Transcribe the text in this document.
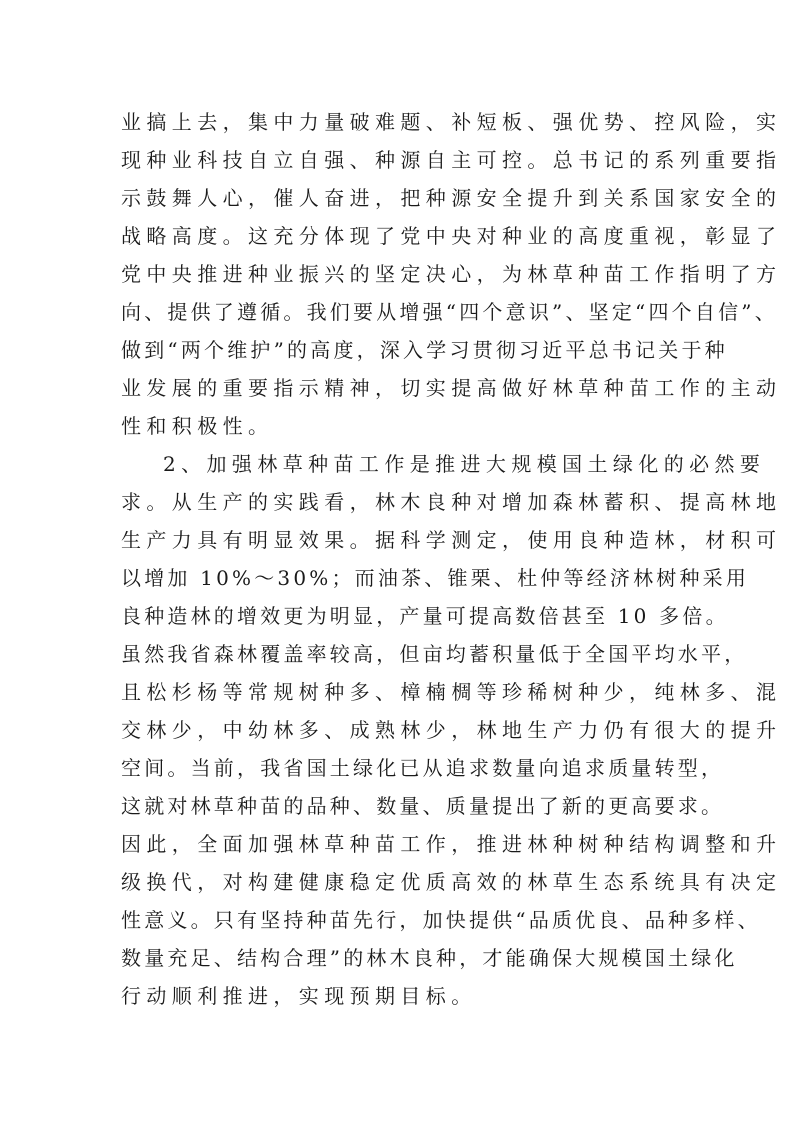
业搞上去，集中力量破难题、补短板、强优势、控风险，实
现种业科技自立自强、种源自主可控。总书记的系列重要指
示鼓舞人心，催人奋进，把种源安全提升到关系国家安全的
战略高度。这充分体现了党中央对种业的高度重视，彰显了
党中央推进种业振兴的坚定决心，为林草种苗工作指明了方
向、提供了遵循。我们要从增强“四个意识”、坚定“四个自信”、
做到“两个维护”的高度，深入学习贯彻习近平总书记关于种
业发展的重要指示精神，切实提高做好林草种苗工作的主动
性和积极性。
2、加强林草种苗工作是推进大规模国土绿化的必然要
求。从生产的实践看，林木良种对增加森林蓄积、提高林地
生产力具有明显效果。据科学测定，使用良种造林，材积可
以增加 10%～30%；而油茶、锥栗、杜仲等经济林树种采用
良种造林的增效更为明显，产量可提高数倍甚至 10 多倍。
虽然我省森林覆盖率较高，但亩均蓄积量低于全国平均水平，
且松杉杨等常规树种多、樟楠椆等珍稀树种少，纯林多、混
交林少，中幼林多、成熟林少，林地生产力仍有很大的提升
空间。当前，我省国土绿化已从追求数量向追求质量转型，
这就对林草种苗的品种、数量、质量提出了新的更高要求。
因此，全面加强林草种苗工作，推进林种树种结构调整和升
级换代，对构建健康稳定优质高效的林草生态系统具有决定
性意义。只有坚持种苗先行，加快提供“品质优良、品种多样、
数量充足、结构合理”的林木良种，才能确保大规模国土绿化
行动顺利推进，实现预期目标。
